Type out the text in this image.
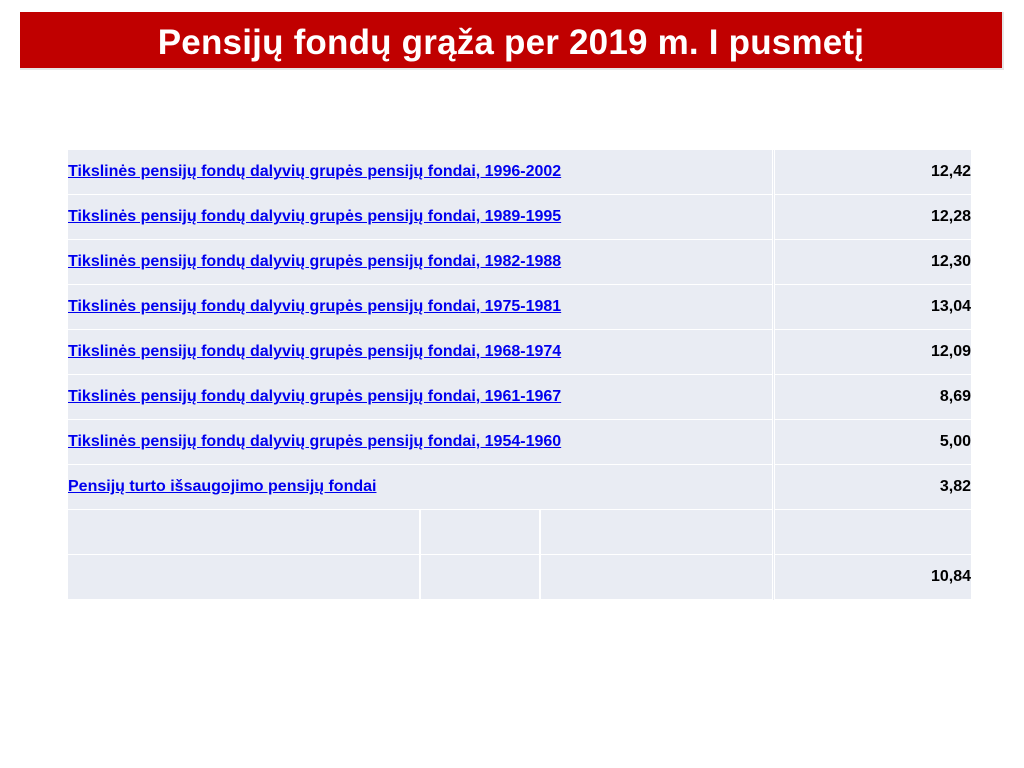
Pensijų fondų grąža per 2019 m. I pusmetį
Tikslinės pensijų fondų dalyvių grupės pensijų fondai, 1996-2002			12,42
Tikslinės pensijų fondų dalyvių grupės pensijų fondai, 1989-1995			12,28
Tikslinės pensijų fondų dalyvių grupės pensijų fondai, 1982-1988			12,30
Tikslinės pensijų fondų dalyvių grupės pensijų fondai, 1975-1981			13,04
Tikslinės pensijų fondų dalyvių grupės pensijų fondai, 1968-1974			12,09
Tikslinės pensijų fondų dalyvių grupės pensijų fondai, 1961-1967			8,69
Tikslinės pensijų fondų dalyvių grupės pensijų fondai, 1954-1960			5,00
Pensijų turto išsaugojimo pensijų fondai			3,82

			10,84
